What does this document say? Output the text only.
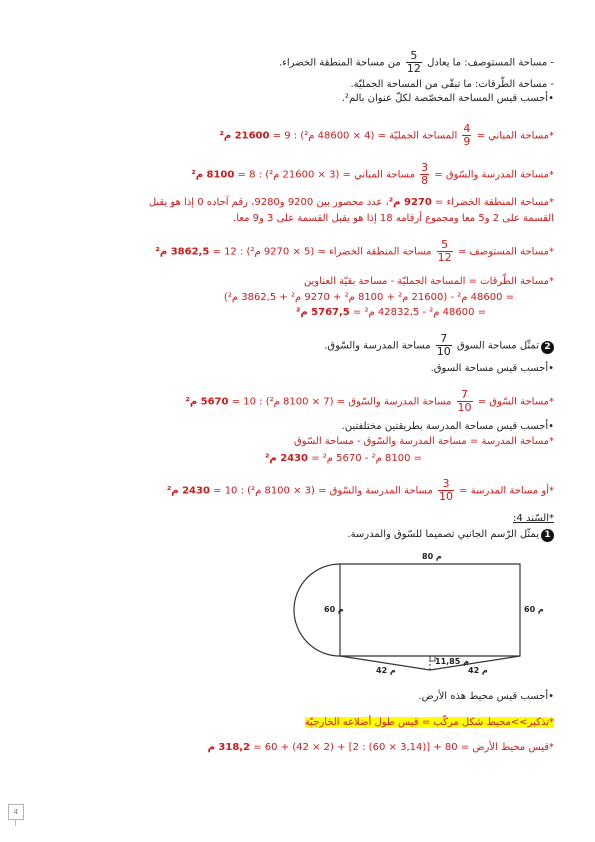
- مساحة المستوصف: ما يعادل
$\frac{5}{12}$
من مساحة المنطقة الخضراء.
- مساحة الطّرقات: ما تبقّى من المساحة الجمليّة.
•أحسب قيس المساحة المخصّصة لكلّ عنوان بالم².
*مساحة المباني =
$\frac{4}{9}$
المساحة الجمليّة = (4 × 48600 م²) : 9 = 21600 م²
*مساحة المدرسة والسّوق =
$\frac{3}{8}$
مساحة المباني = (3 × 21600 م²) : 8 = 8100 م²
*مساحة المنطقة الخضراء = 9270 م²، عدد محصور بين 9200 و9280، رقم آحاده 0 إذا هو يقبل
القسمة على 2 و5 معا ومجموع أرقامه 18 إذا هو يقبل القسمة على 3 و9 معا.
*مساحة المستوصف =
$\frac{5}{12}$
مساحة المنطقة الخضراء = (5 × 9270 م²) : 12 = 3862,5 م²
*مساحة الطّرقات = المساحة الجمليّة - مساحة بقيّة العناوين
= 48600 م² - (21600 م² + 8100 م² + 9270 م² + 3862,5 م²)
= 48600 م² - 42832,5 م² = 5767,5 م²
2تمثّل مساحة السوق
$\frac{7}{10}$
مساحة المدرسة والسّوق.
•أحسب قيس مساحة السوق.
*مساحة السّوق =
$\frac{7}{10}$
مساحة المدرسة والسّوق = (7 × 8100 م²) : 10 = 5670 م²
•أحسب قيس مساحة المدرسة بطريقتين مختلفتين.
*مساحة المدرسة = مساحة المدرسة والسّوق - مساحة السّوق
= 8100 م² - 5670 م² = 2430 م²
*أو مساحة المدرسة =
$\frac{3}{10}$
مساحة المدرسة والسّوق = (3 × 8100 م²) : 10 = 2430 م²
*السّند 4:
1يمثّل الرّسم الجانبي تصميما للسّوق والمدرسة.
80 م
60 م
60 م
11,85 م
42 م	42 م
•أحسب قيس محيط هذه الأرض.
*تذكير>>محيط شكل مركّب = قيس طول أضلاعه الخارجيّة
*قيس محيط الأرض = 80 + [(3,14 × 60) : 2] + (2 × 42) + 60 = 318,2 م
4
